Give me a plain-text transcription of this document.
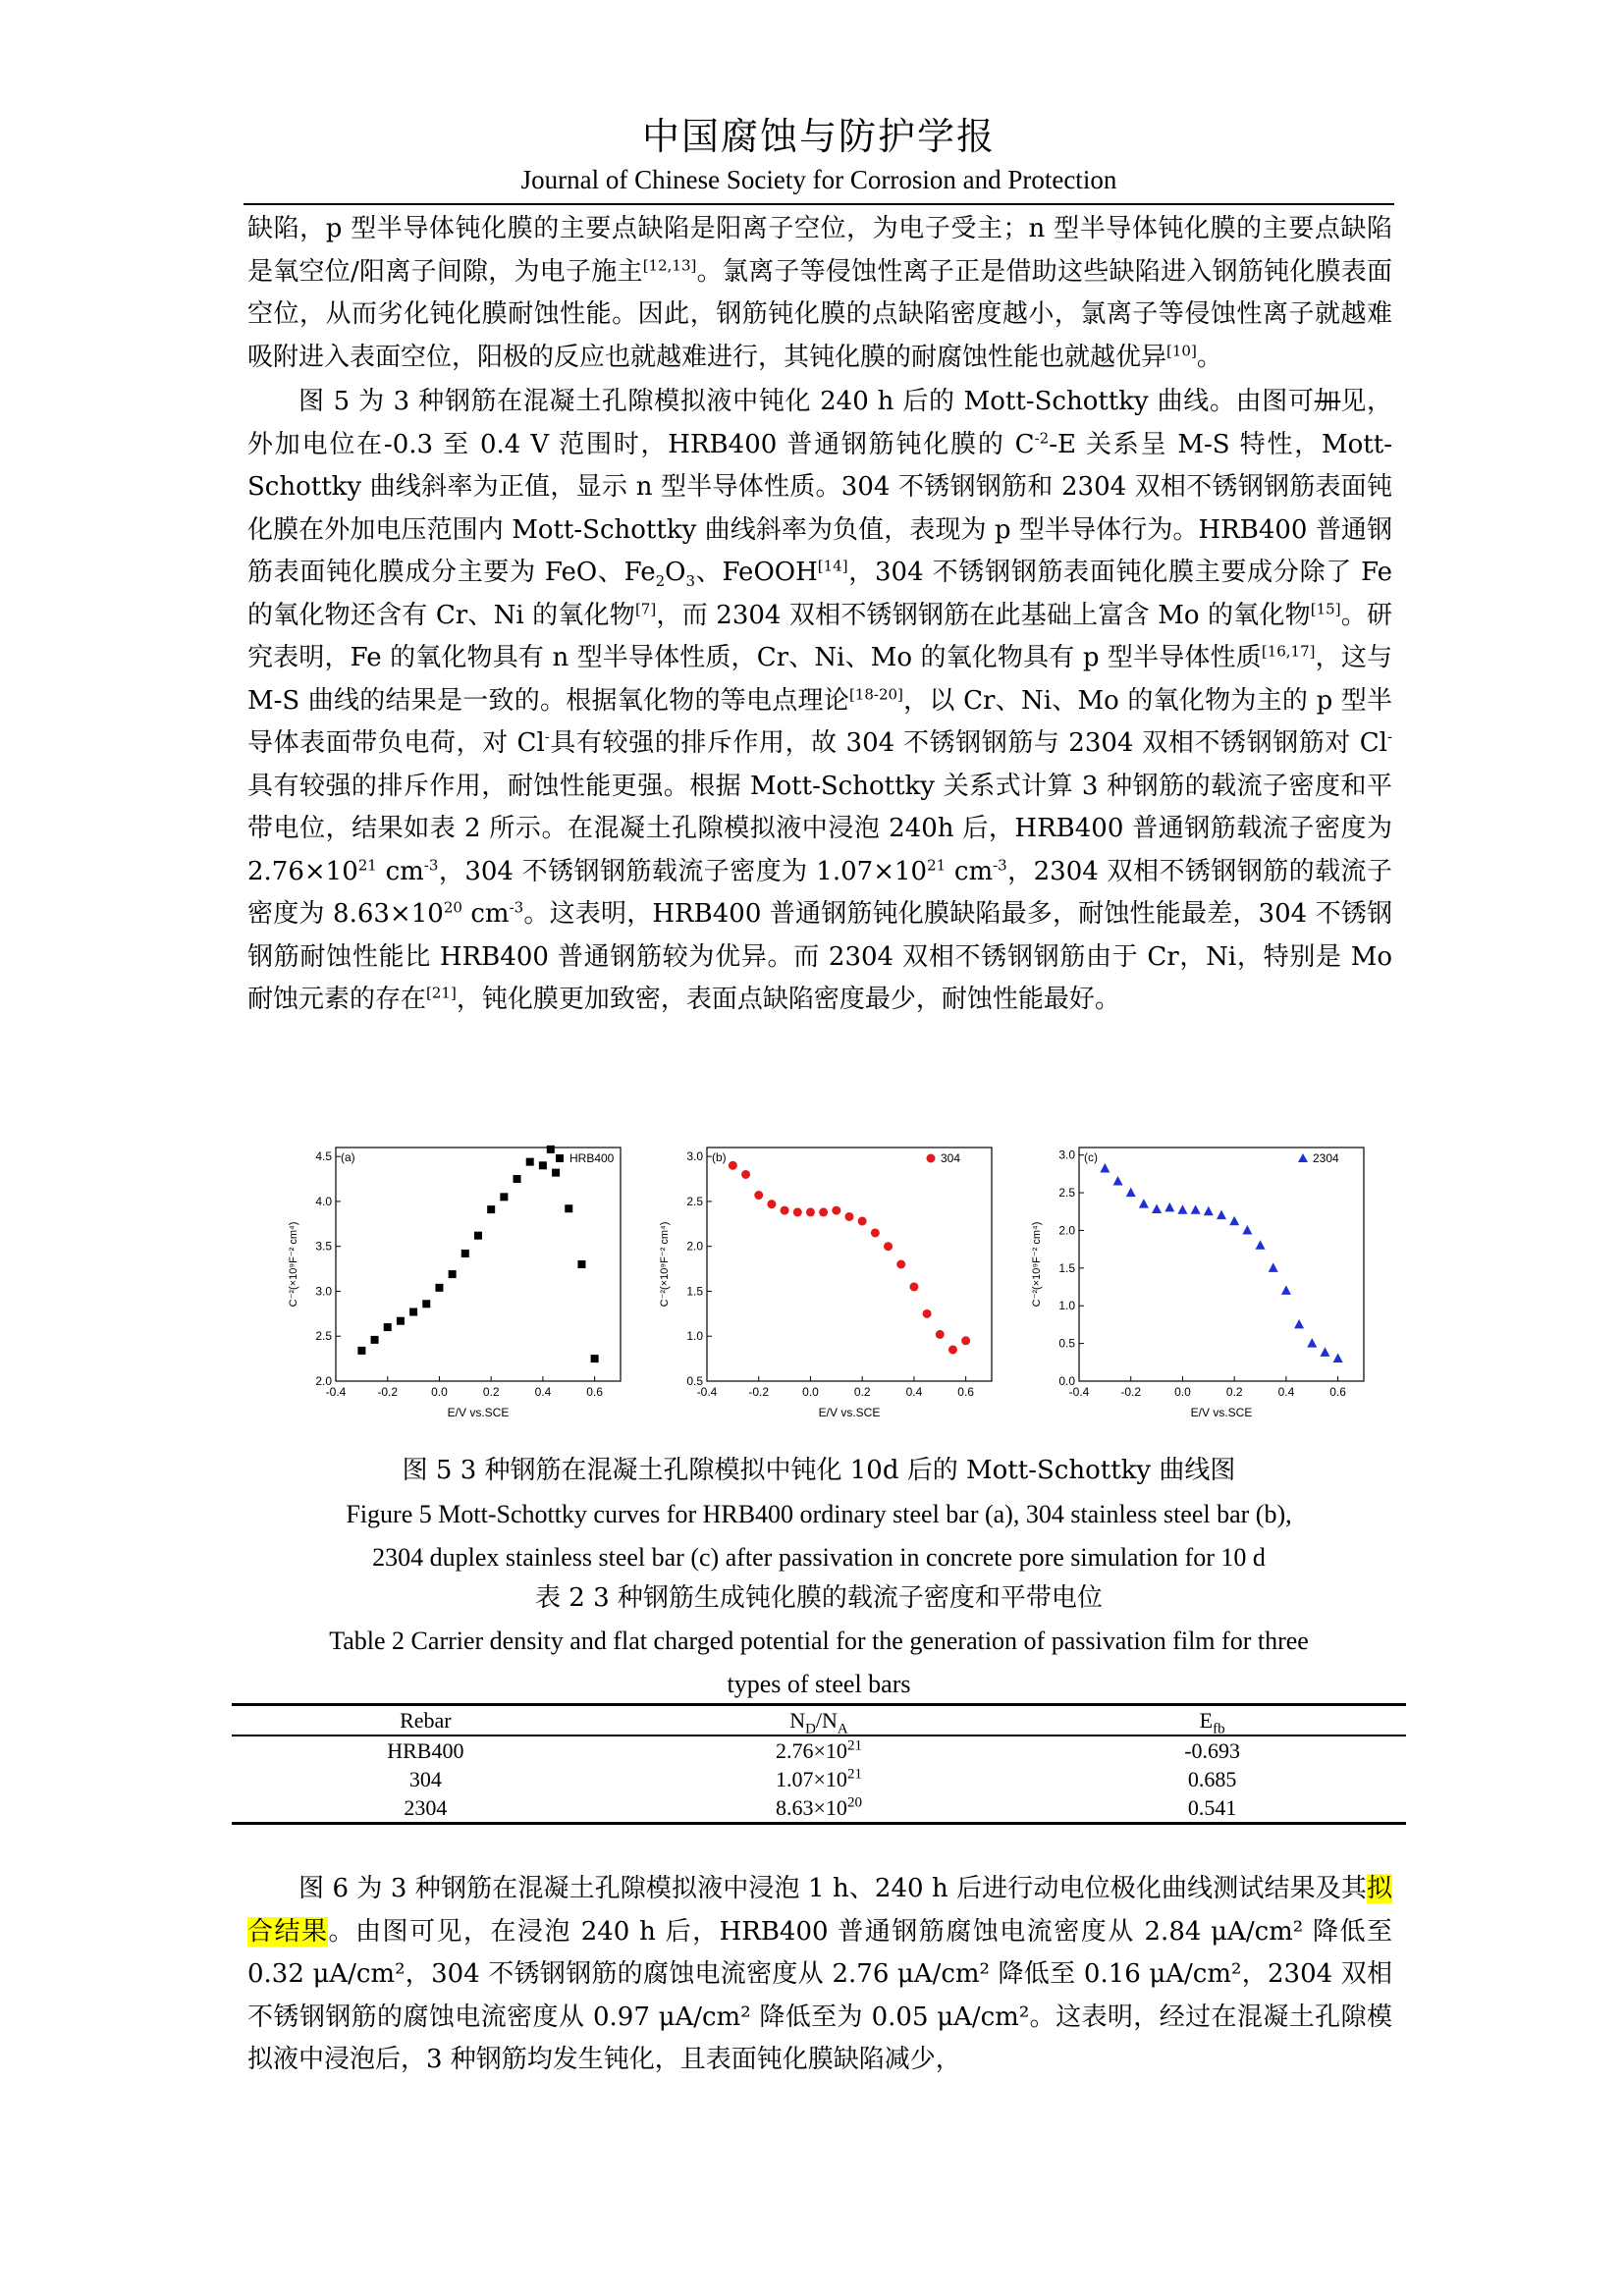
中国腐蚀与防护学报
Journal of Chinese Society for Corrosion and Protection

缺陷，p 型半导体钝化膜的主要点缺陷是阳离子空位，为电子受主；n 型半导体钝化膜的主要点缺陷是氧空位/阳离子间隙，为电子施主[12,13]。氯离子等侵蚀性离子正是借助这些缺陷进入钢筋钝化膜表面空位，从而劣化钝化膜耐蚀性能。因此，钢筋钝化膜的点缺陷密度越小，氯离子等侵蚀性离子就越难吸附进入表面空位，阳极的反应也就越难进行，其钝化膜的耐腐蚀性能也就越优异[10]。

图 5 为 3 种钢筋在混凝土孔隙模拟液中钝化 240 h 后的 Mott-Schottky 曲线。由图可加见，外加电位在-0.3 至 0.4 V 范围时，HRB400 普通钢筋钝化膜的 $C^{-2}-E$ 关系呈 M-S 特性，Mott-Schottky 曲线斜率为正值，显示 n 型半导体性质。304 不锈钢钢筋和 2304 双相不锈钢钢筋表面钝化膜在外加电压范围内 Mott-Schottky 曲线斜率为负值，表现为 p 型半导体行为。HRB400 普通钢筋表面钝化膜成分主要为 FeO、$Fe_2O_3$、FeOOH[14]，304 不锈钢钢筋表面钝化膜主要成分除了 Fe 的氧化物还含有 Cr、Ni 的氧化物[7]，而 2304 双相不锈钢钢筋在此基础上富含 Mo 的氧化物[15]。研究表明，Fe 的氧化物具有 n 型半导体性质，Cr、Ni、Mo 的氧化物具有 p 型半导体性质[16,17]，这与 M-S 曲线的结果是一致的。根据氧化物的等电点理论[18-20]，以 Cr、Ni、Mo 的氧化物为主的 p 型半导体表面带负电荷，对 Cl-具有较强的排斥作用，故 304 不锈钢钢筋与 2304 双相不锈钢钢筋对 Cl-具有较强的排斥作用，耐蚀性能更强。根据 Mott-Schottky 关系式计算 3 种钢筋的载流子密度和平带电位，结果如表 2 所示。在混凝土孔隙模拟液中浸泡 240h 后，HRB400 普通钢筋载流子密度为 $2.76\times 10^{21}$ $cm^{-3}$，304 不锈钢钢筋载流子密度为 $1.07\times 10^{21}$ $cm^{-3}$，2304 双相不锈钢钢筋的载流子密度为 $8.63\times 10^{20}$ $cm^{-3}$。这表明，HRB400 普通钢筋钝化膜缺陷最多，耐蚀性能最差，304 不锈钢钢筋耐蚀性能比 HRB400 普通钢筋较为优异。而 2304 双相不锈钢钢筋由于 Cr，Ni，特别是 Mo 耐蚀元素的存在[21]，钝化膜更加致密，表面点缺陷密度最少，耐蚀性能最好。

-0.4	-0.2	0.0	0.2	0.4	0.6
2.0
2.5
3.0
3.5
4.0
4.5
E/V vs.SCE
C⁻²(×10⁹F⁻² cm⁴)
(a)	HRB400
-0.4	-0.2	0.0	0.2	0.4	0.6
0.5
1.0
1.5
2.0
2.5
3.0
E/V vs.SCE
C⁻²(×10⁹F⁻² cm⁴)
(b)	304
-0.4	-0.2	0.0	0.2	0.4	0.6
0.0
0.5
1.0
1.5
2.0
2.5
3.0
E/V vs.SCE
C⁻²(×10⁹F⁻² cm⁴)
(c)	2304
图 5 3 种钢筋在混凝土孔隙模拟中钝化 10d 后的 Mott-Schottky 曲线图
Figure 5 Mott-Schottky curves for HRB400 ordinary steel bar (a), 304 stainless steel bar (b),
2304 duplex stainless steel bar (c) after passivation in concrete pore simulation for 10 d
表 2 3 种钢筋生成钝化膜的载流子密度和平带电位
Table 2 Carrier density and flat charged potential for the generation of passivation film for three
types of steel bars
Rebar	$N_D/N_A$	$E_{fb}$
HRB400	$2.76\times 10^{21}$	-0.693
304	$1.07\times 10^{21}$	0.685
2304	$8.63\times 10^{20}$	0.541

图 6 为 3 种钢筋在混凝土孔隙模拟液中浸泡 1 h、240 h 后进行动电位极化曲线测试结果及其拟合结果。由图可见，在浸泡 240 h 后，HRB400 普通钢筋腐蚀电流密度从 2.84 μA/cm² 降低至 0.32 μA/cm²，304 不锈钢钢筋的腐蚀电流密度从 2.76 μA/cm² 降低至 0.16 μA/cm²，2304 双相不锈钢钢筋的腐蚀电流密度从 0.97 μA/cm² 降低至为 0.05 μA/cm²。这表明，经过在混凝土孔隙模拟液中浸泡后，3 种钢筋均发生钝化，且表面钝化膜缺陷减少，
